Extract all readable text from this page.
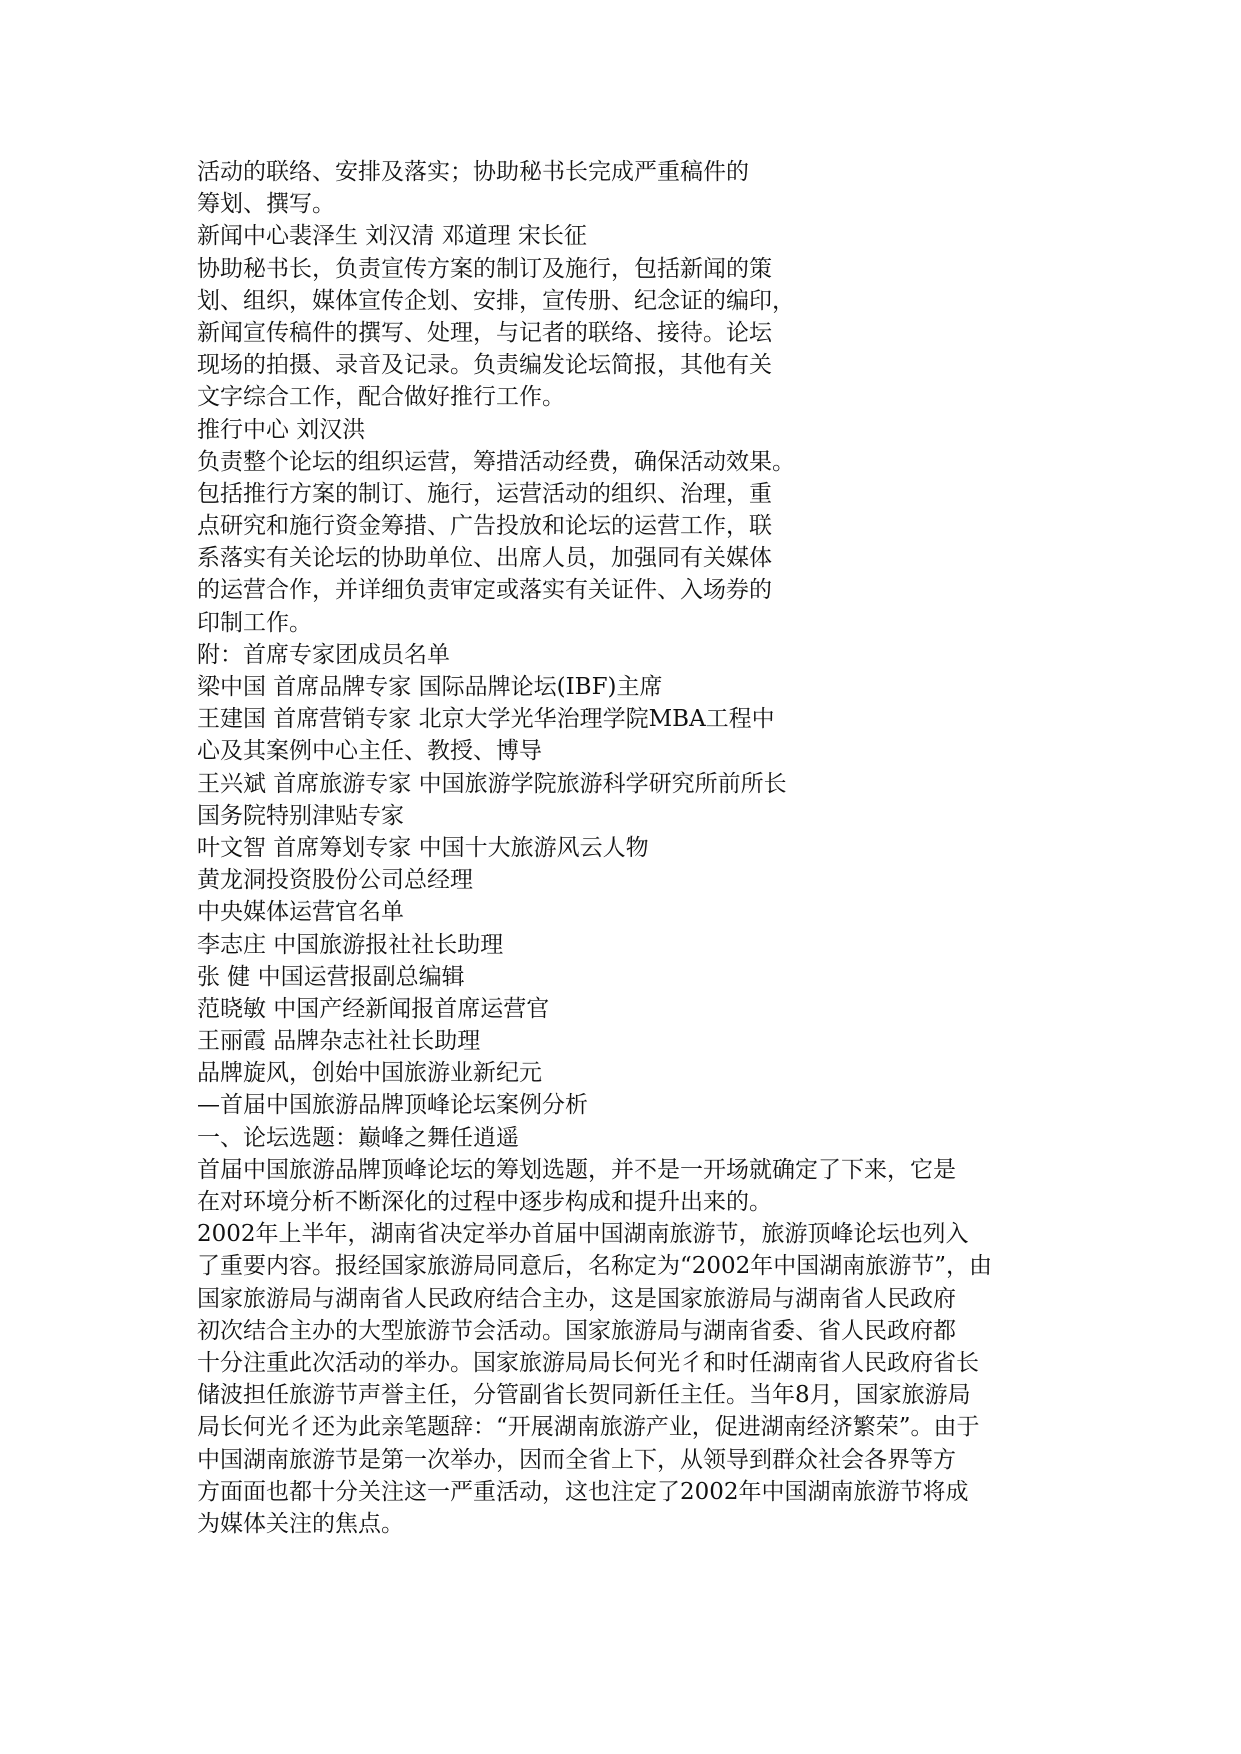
活动的联络、安排及落实；协助秘书长完成严重稿件的
筹划、撰写。
新闻中心裴泽生 刘汉清 邓道理 宋长征
协助秘书长，负责宣传方案的制订及施行，包括新闻的策
划、组织，媒体宣传企划、安排，宣传册、纪念证的编印，
新闻宣传稿件的撰写、处理，与记者的联络、接待。论坛
现场的拍摄、录音及记录。负责编发论坛简报，其他有关
文字综合工作，配合做好推行工作。
推行中心 刘汉洪
负责整个论坛的组织运营，筹措活动经费，确保活动效果。
包括推行方案的制订、施行，运营活动的组织、治理，重
点研究和施行资金筹措、广告投放和论坛的运营工作，联
系落实有关论坛的协助单位、出席人员，加强同有关媒体
的运营合作，并详细负责审定或落实有关证件、入场券的
印制工作。
附：首席专家团成员名单
梁中国 首席品牌专家 国际品牌论坛(IBF)主席
王建国 首席营销专家 北京大学光华治理学院MBA工程中
心及其案例中心主任、教授、博导
王兴斌 首席旅游专家 中国旅游学院旅游科学研究所前所长
国务院特别津贴专家
叶文智 首席筹划专家 中国十大旅游风云人物
黄龙洞投资股份公司总经理
中央媒体运营官名单
李志庄 中国旅游报社社长助理
张 健 中国运营报副总编辑
范晓敏 中国产经新闻报首席运营官
王丽霞 品牌杂志社社长助理
品牌旋风，创始中国旅游业新纪元
—首届中国旅游品牌顶峰论坛案例分析
一、论坛选题：巅峰之舞任逍遥
首届中国旅游品牌顶峰论坛的筹划选题，并不是一开场就确定了下来，它是
在对环境分析不断深化的过程中逐步构成和提升出来的。
2002年上半年，湖南省决定举办首届中国湖南旅游节，旅游顶峰论坛也列入
了重要内容。报经国家旅游局同意后，名称定为“2002年中国湖南旅游节”，由
国家旅游局与湖南省人民政府结合主办，这是国家旅游局与湖南省人民政府
初次结合主办的大型旅游节会活动。国家旅游局与湖南省委、省人民政府都
十分注重此次活动的举办。国家旅游局局长何光彳和时任湖南省人民政府省长
储波担任旅游节声誉主任，分管副省长贺同新任主任。当年8月，国家旅游局
局长何光彳还为此亲笔题辞：“开展湖南旅游产业，促进湖南经济繁荣”。由于
中国湖南旅游节是第一次举办，因而全省上下，从领导到群众社会各界等方
方面面也都十分关注这一严重活动，这也注定了2002年中国湖南旅游节将成
为媒体关注的焦点。
